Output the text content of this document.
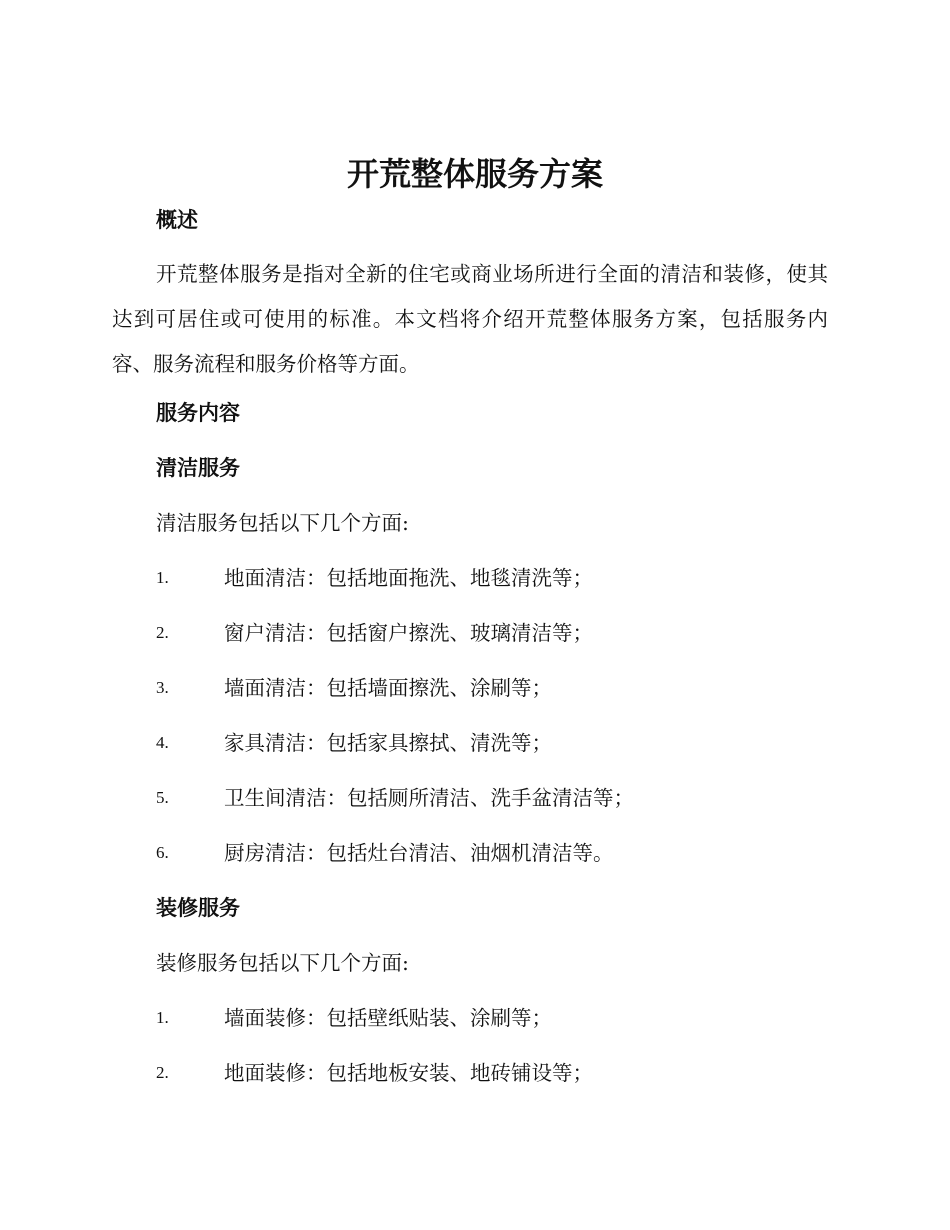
开荒整体服务方案
概述

开荒整体服务是指对全新的住宅或商业场所进行全面的清洁和装修，使其达到可居住或可使用的标准。本文档将介绍开荒整体服务方案，包括服务内容、服务流程和服务价格等方面。

服务内容
清洁服务

清洁服务包括以下几个方面:

1.	地面清洁：包括地面拖洗、地毯清洗等；
2.	窗户清洁：包括窗户擦洗、玻璃清洁等；
3.	墙面清洁：包括墙面擦洗、涂刷等；
4.	家具清洁：包括家具擦拭、清洗等；
5.	卫生间清洁：包括厕所清洁、洗手盆清洁等；
6.	厨房清洁：包括灶台清洁、油烟机清洁等。
装修服务

装修服务包括以下几个方面:

1.	墙面装修：包括壁纸贴装、涂刷等；
2.	地面装修：包括地板安装、地砖铺设等；
